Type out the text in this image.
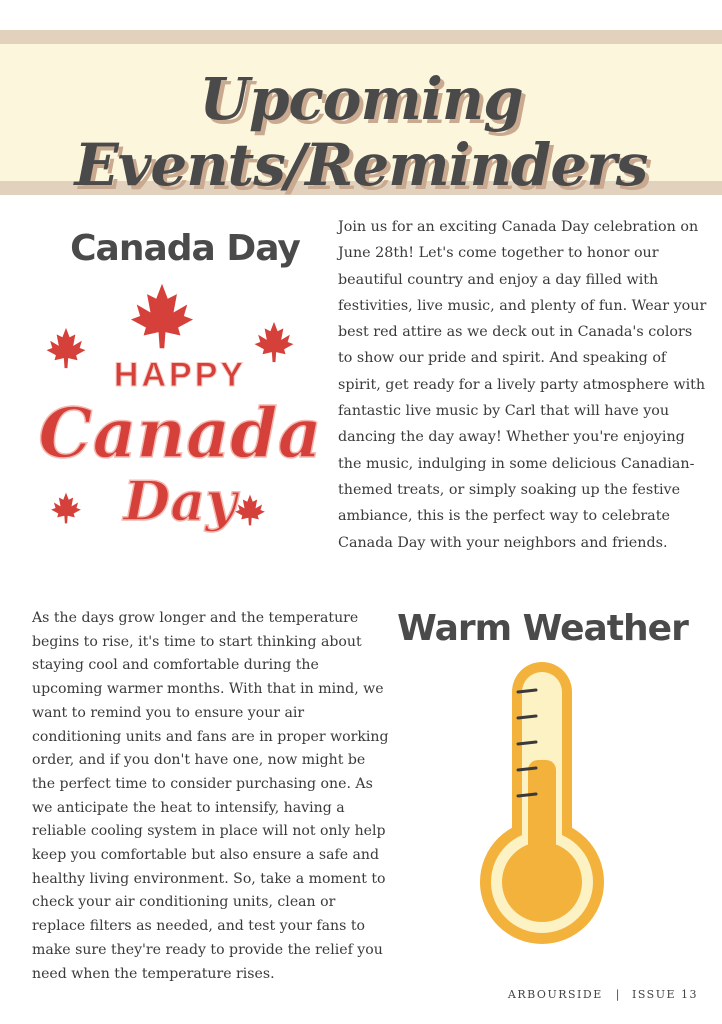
Upcoming
Events/Reminders
Canada Day
HAPPY
Canada
Day
Join us for an exciting Canada Day celebration on June 28th! Let's come together to honor our beautiful country and enjoy a day filled with festivities, live music, and plenty of fun. Wear your best red attire as we deck out in Canada's colors to show our pride and spirit. And speaking of spirit, get ready for a lively party atmosphere with fantastic live music by Carl that will have you dancing the day away! Whether you're enjoying the music, indulging in some delicious Canadian-themed treats, or simply soaking up the festive ambiance, this is the perfect way to celebrate Canada Day with your neighbors and friends.
As the days grow longer and the temperature begins to rise, it's time to start thinking about staying cool and comfortable during the upcoming warmer months. With that in mind, we want to remind you to ensure your air conditioning units and fans are in proper working order, and if you don't have one, now might be the perfect time to consider purchasing one. As we anticipate the heat to intensify, having a reliable cooling system in place will not only help keep you comfortable but also ensure a safe and healthy living environment. So, take a moment to check your air conditioning units, clean or replace filters as needed, and test your fans to make sure they're ready to provide the relief you need when the temperature rises.
Warm Weather
ARBOURSIDE | ISSUE 13
